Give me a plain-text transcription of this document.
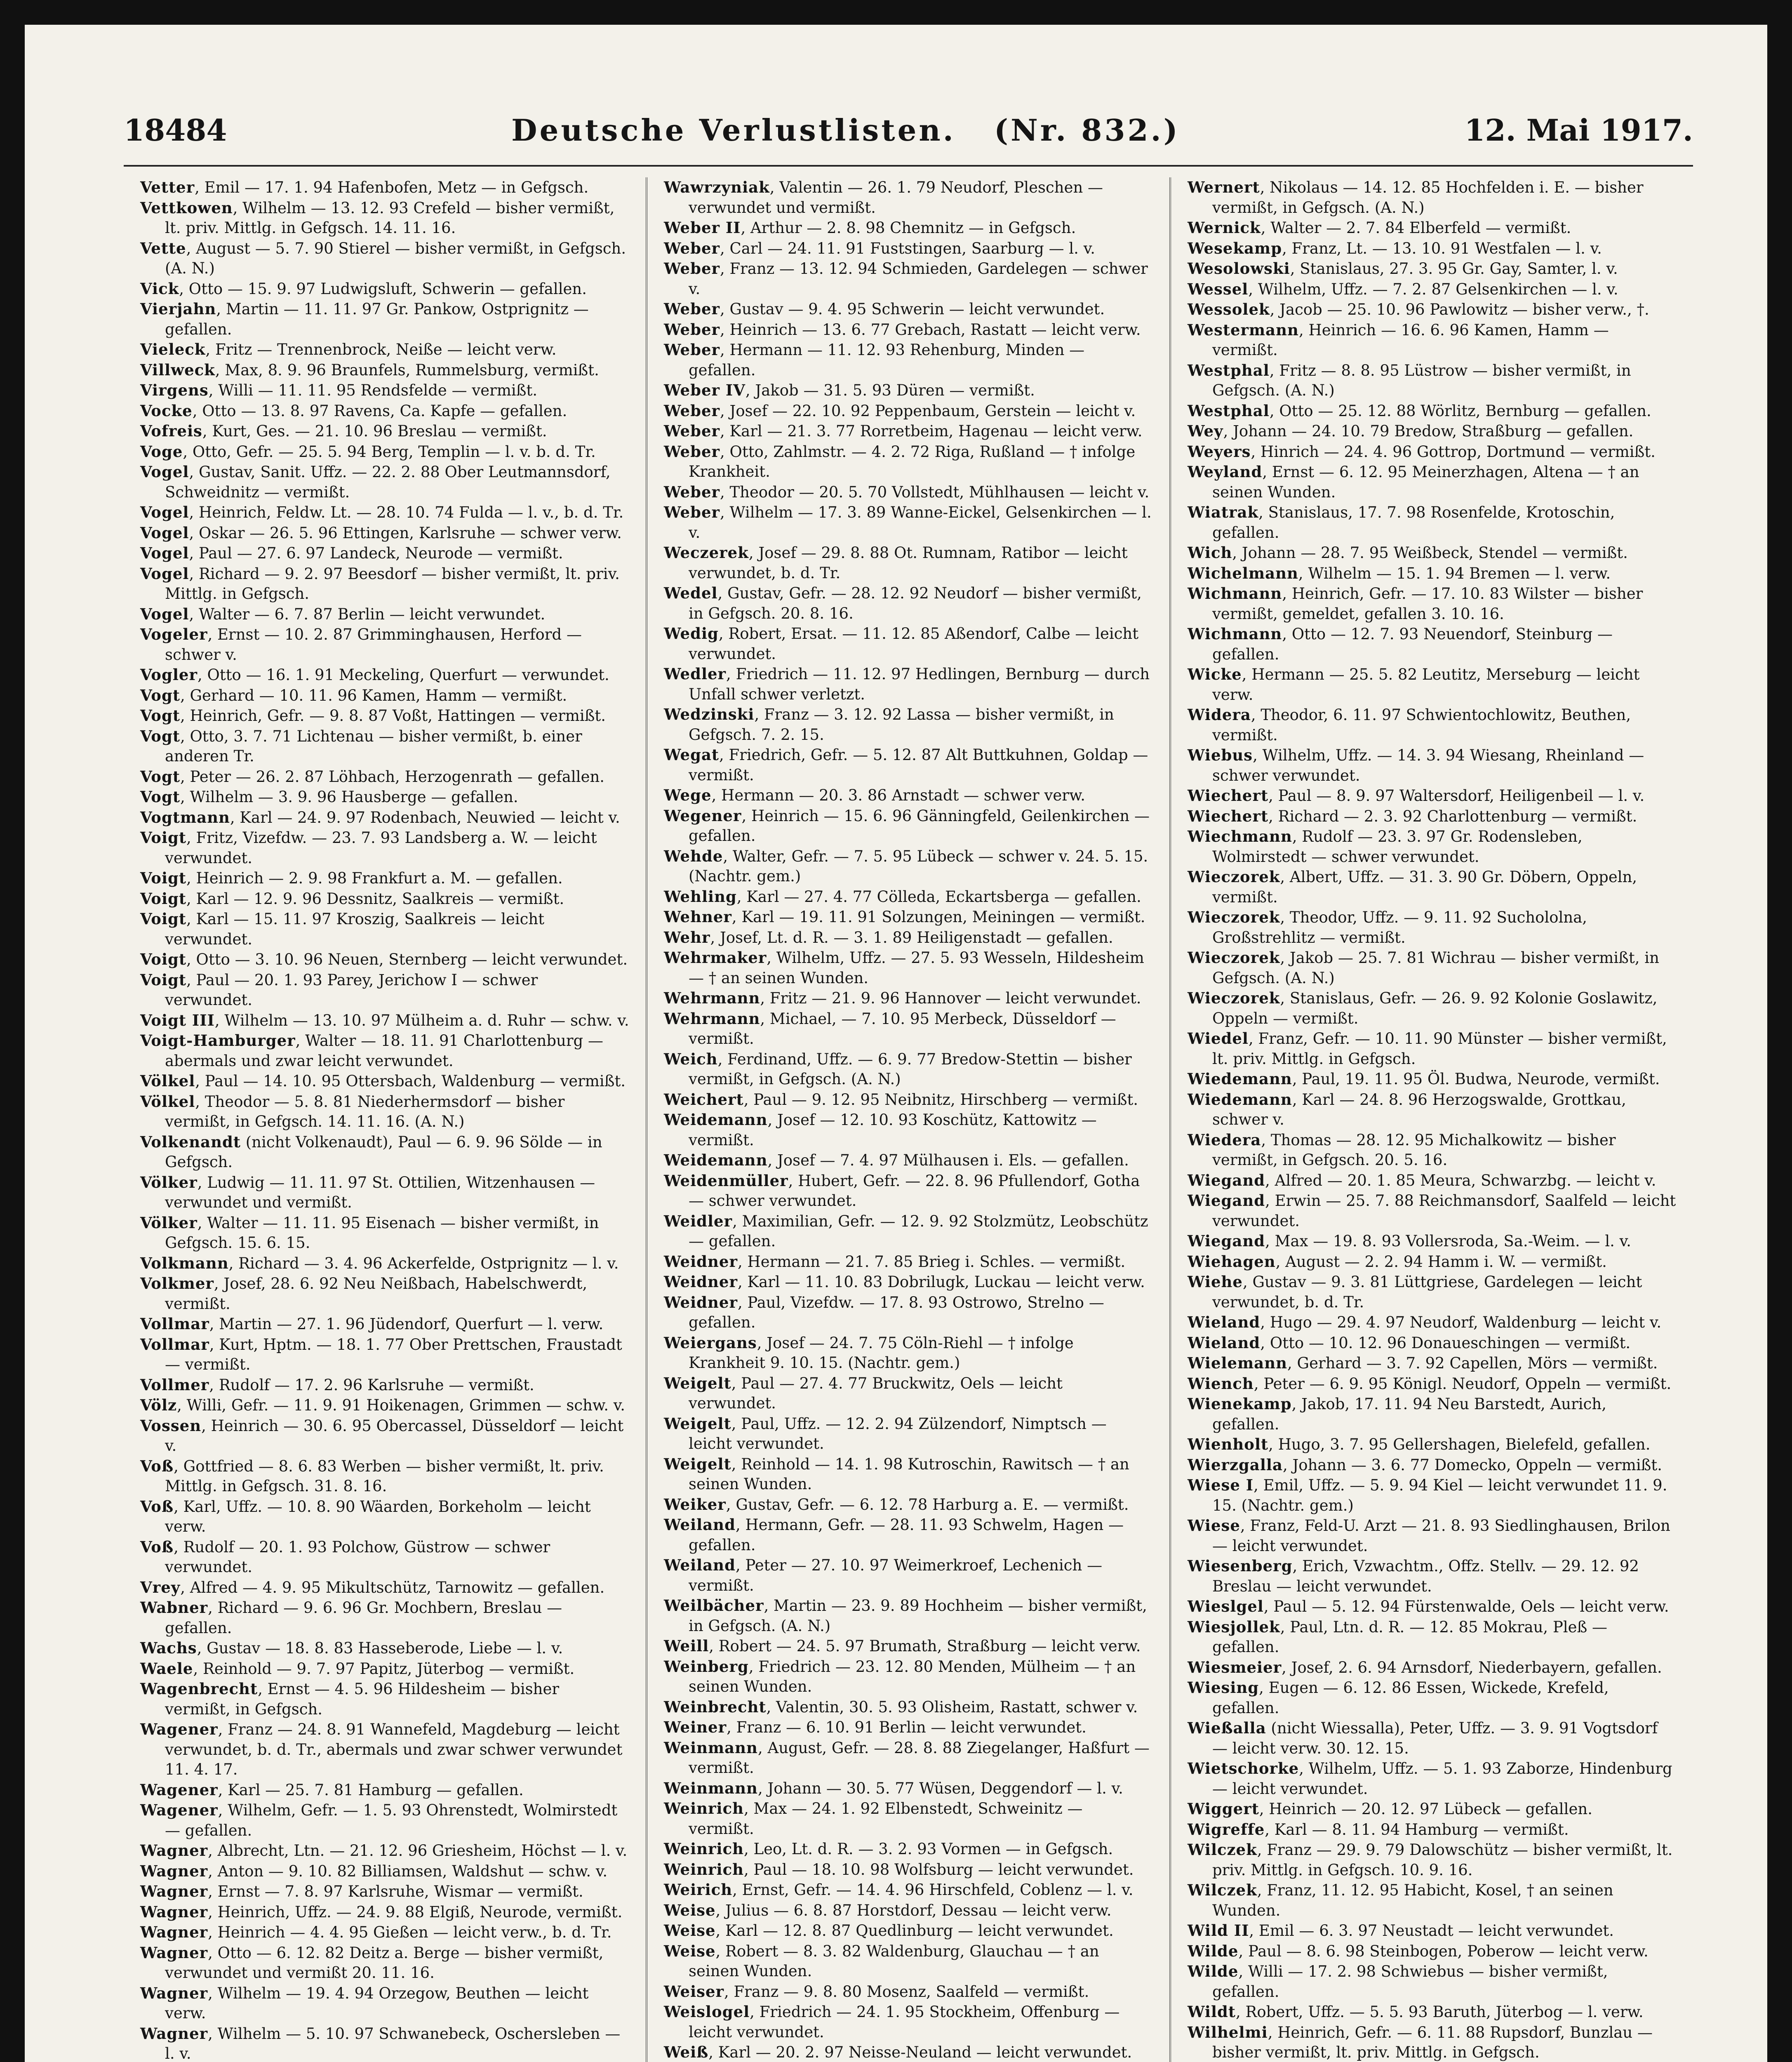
18484	Deutsche Verlustlisten. (Nr. 832.)	12. Mai 1917.
Vetter, Emil — 17. 1. 94 Hafenbofen, Metz — in Gefgsch.
Vettkowen, Wilhelm — 13. 12. 93 Crefeld — bisher vermißt, lt. priv. Mittlg. in Gefgsch. 14. 11. 16.
Vette, August — 5. 7. 90 Stierel — bisher vermißt, in Gefgsch. (A. N.)
Vick, Otto — 15. 9. 97 Ludwigsluft, Schwerin — gefallen.
Vierjahn, Martin — 11. 11. 97 Gr. Pankow, Ostprignitz — gefallen.
Vieleck, Fritz — Trennenbrock, Neiße — leicht verw.
Villweck, Max, 8. 9. 96 Braunfels, Rummelsburg, vermißt.
Virgens, Willi — 11. 11. 95 Rendsfelde — vermißt.
Vocke, Otto — 13. 8. 97 Ravens, Ca. Kapfe — gefallen.
Vofreis, Kurt, Ges. — 21. 10. 96 Breslau — vermißt.
Voge, Otto, Gefr. — 25. 5. 94 Berg, Templin — l. v. b. d. Tr.
Vogel, Gustav, Sanit. Uffz. — 22. 2. 88 Ober Leutmannsdorf, Schweidnitz — vermißt.
Vogel, Heinrich, Feldw. Lt. — 28. 10. 74 Fulda — l. v., b. d. Tr.
Vogel, Oskar — 26. 5. 96 Ettingen, Karlsruhe — schwer verw.
Vogel, Paul — 27. 6. 97 Landeck, Neurode — vermißt.
Vogel, Richard — 9. 2. 97 Beesdorf — bisher vermißt, lt. priv. Mittlg. in Gefgsch.
Vogel, Walter — 6. 7. 87 Berlin — leicht verwundet.
Vogeler, Ernst — 10. 2. 87 Grimminghausen, Herford — schwer v.
Vogler, Otto — 16. 1. 91 Meckeling, Querfurt — verwundet.
Vogt, Gerhard — 10. 11. 96 Kamen, Hamm — vermißt.
Vogt, Heinrich, Gefr. — 9. 8. 87 Voßt, Hattingen — vermißt.
Vogt, Otto, 3. 7. 71 Lichtenau — bisher vermißt, b. einer anderen Tr.
Vogt, Peter — 26. 2. 87 Löhbach, Herzogenrath — gefallen.
Vogt, Wilhelm — 3. 9. 96 Hausberge — gefallen.
Vogtmann, Karl — 24. 9. 97 Rodenbach, Neuwied — leicht v.
Voigt, Fritz, Vizefdw. — 23. 7. 93 Landsberg a. W. — leicht verwundet.
Voigt, Heinrich — 2. 9. 98 Frankfurt a. M. — gefallen.
Voigt, Karl — 12. 9. 96 Dessnitz, Saalkreis — vermißt.
Voigt, Karl — 15. 11. 97 Kroszig, Saalkreis — leicht verwundet.
Voigt, Otto — 3. 10. 96 Neuen, Sternberg — leicht verwundet.
Voigt, Paul — 20. 1. 93 Parey, Jerichow I — schwer verwundet.
Voigt III, Wilhelm — 13. 10. 97 Mülheim a. d. Ruhr — schw. v.
Voigt-Hamburger, Walter — 18. 11. 91 Charlottenburg — abermals und zwar leicht verwundet.
Völkel, Paul — 14. 10. 95 Ottersbach, Waldenburg — vermißt.
Völkel, Theodor — 5. 8. 81 Niederhermsdorf — bisher vermißt, in Gefgsch. 14. 11. 16. (A. N.)
Volkenandt (nicht Volkenaudt), Paul — 6. 9. 96 Sölde — in Gefgsch.
Völker, Ludwig — 11. 11. 97 St. Ottilien, Witzenhausen — verwundet und vermißt.
Völker, Walter — 11. 11. 95 Eisenach — bisher vermißt, in Gefgsch. 15. 6. 15.
Volkmann, Richard — 3. 4. 96 Ackerfelde, Ostprignitz — l. v.
Volkmer, Josef, 28. 6. 92 Neu Neißbach, Habelschwerdt, vermißt.
Vollmar, Martin — 27. 1. 96 Jüdendorf, Querfurt — l. verw.
Vollmar, Kurt, Hptm. — 18. 1. 77 Ober Prettschen, Fraustadt — vermißt.
Vollmer, Rudolf — 17. 2. 96 Karlsruhe — vermißt.
Völz, Willi, Gefr. — 11. 9. 91 Hoikenagen, Grimmen — schw. v.
Vossen, Heinrich — 30. 6. 95 Obercassel, Düsseldorf — leicht v.
Voß, Gottfried — 8. 6. 83 Werben — bisher vermißt, lt. priv. Mittlg. in Gefgsch. 31. 8. 16.
Voß, Karl, Uffz. — 10. 8. 90 Wäarden, Borkeholm — leicht verw.
Voß, Rudolf — 20. 1. 93 Polchow, Güstrow — schwer verwundet.
Vrey, Alfred — 4. 9. 95 Mikultschütz, Tarnowitz — gefallen.
Wabner, Richard — 9. 6. 96 Gr. Mochbern, Breslau — gefallen.
Wachs, Gustav — 18. 8. 83 Hasseberode, Liebe — l. v.
Waele, Reinhold — 9. 7. 97 Papitz, Jüterbog — vermißt.
Wagenbrecht, Ernst — 4. 5. 96 Hildesheim — bisher vermißt, in Gefgsch.
Wagener, Franz — 24. 8. 91 Wannefeld, Magdeburg — leicht verwundet, b. d. Tr., abermals und zwar schwer verwundet 11. 4. 17.
Wagener, Karl — 25. 7. 81 Hamburg — gefallen.
Wagener, Wilhelm, Gefr. — 1. 5. 93 Ohrenstedt, Wolmirstedt — gefallen.
Wagner, Albrecht, Ltn. — 21. 12. 96 Griesheim, Höchst — l. v.
Wagner, Anton — 9. 10. 82 Billiamsen, Waldshut — schw. v.
Wagner, Ernst — 7. 8. 97 Karlsruhe, Wismar — vermißt.
Wagner, Heinrich, Uffz. — 24. 9. 88 Elgiß, Neurode, vermißt.
Wagner, Heinrich — 4. 4. 95 Gießen — leicht verw., b. d. Tr.
Wagner, Otto — 6. 12. 82 Deitz a. Berge — bisher vermißt, verwundet und vermißt 20. 11. 16.
Wagner, Wilhelm — 19. 4. 94 Orzegow, Beuthen — leicht verw.
Wagner, Wilhelm — 5. 10. 97 Schwanebeck, Oschersleben — l. v.
Wawrzyniak, Valentin — 26. 1. 79 Neudorf, Pleschen — verwundet und vermißt.
Weber II, Arthur — 2. 8. 98 Chemnitz — in Gefgsch.
Weber, Carl — 24. 11. 91 Fuststingen, Saarburg — l. v.
Weber, Franz — 13. 12. 94 Schmieden, Gardelegen — schwer v.
Weber, Gustav — 9. 4. 95 Schwerin — leicht verwundet.
Weber, Heinrich — 13. 6. 77 Grebach, Rastatt — leicht verw.
Weber, Hermann — 11. 12. 93 Rehenburg, Minden — gefallen.
Weber IV, Jakob — 31. 5. 93 Düren — vermißt.
Weber, Josef — 22. 10. 92 Peppenbaum, Gerstein — leicht v.
Weber, Karl — 21. 3. 77 Rorretbeim, Hagenau — leicht verw.
Weber, Otto, Zahlmstr. — 4. 2. 72 Riga, Rußland — † infolge Krankheit.
Weber, Theodor — 20. 5. 70 Vollstedt, Mühlhausen — leicht v.
Weber, Wilhelm — 17. 3. 89 Wanne-Eickel, Gelsenkirchen — l. v.
Weczerek, Josef — 29. 8. 88 Ot. Rumnam, Ratibor — leicht verwundet, b. d. Tr.
Wedel, Gustav, Gefr. — 28. 12. 92 Neudorf — bisher vermißt, in Gefgsch. 20. 8. 16.
Wedig, Robert, Ersat. — 11. 12. 85 Aßendorf, Calbe — leicht verwundet.
Wedler, Friedrich — 11. 12. 97 Hedlingen, Bernburg — durch Unfall schwer verletzt.
Wedzinski, Franz — 3. 12. 92 Lassa — bisher vermißt, in Gefgsch. 7. 2. 15.
Wegat, Friedrich, Gefr. — 5. 12. 87 Alt Buttkuhnen, Goldap — vermißt.
Wege, Hermann — 20. 3. 86 Arnstadt — schwer verw.
Wegener, Heinrich — 15. 6. 96 Gänningfeld, Geilenkirchen — gefallen.
Wehde, Walter, Gefr. — 7. 5. 95 Lübeck — schwer v. 24. 5. 15. (Nachtr. gem.)
Wehling, Karl — 27. 4. 77 Cölleda, Eckartsberga — gefallen.
Wehner, Karl — 19. 11. 91 Solzungen, Meiningen — vermißt.
Wehr, Josef, Lt. d. R. — 3. 1. 89 Heiligenstadt — gefallen.
Wehrmaker, Wilhelm, Uffz. — 27. 5. 93 Wesseln, Hildesheim — † an seinen Wunden.
Wehrmann, Fritz — 21. 9. 96 Hannover — leicht verwundet.
Wehrmann, Michael, — 7. 10. 95 Merbeck, Düsseldorf — vermißt.
Weich, Ferdinand, Uffz. — 6. 9. 77 Bredow-Stettin — bisher vermißt, in Gefgsch. (A. N.)
Weichert, Paul — 9. 12. 95 Neibnitz, Hirschberg — vermißt.
Weidemann, Josef — 12. 10. 93 Koschütz, Kattowitz — vermißt.
Weidemann, Josef — 7. 4. 97 Mülhausen i. Els. — gefallen.
Weidenmüller, Hubert, Gefr. — 22. 8. 96 Pfullendorf, Gotha — schwer verwundet.
Weidler, Maximilian, Gefr. — 12. 9. 92 Stolzmütz, Leobschütz — gefallen.
Weidner, Hermann — 21. 7. 85 Brieg i. Schles. — vermißt.
Weidner, Karl — 11. 10. 83 Dobrilugk, Luckau — leicht verw.
Weidner, Paul, Vizefdw. — 17. 8. 93 Ostrowo, Strelno — gefallen.
Weiergans, Josef — 24. 7. 75 Cöln-Riehl — † infolge Krankheit 9. 10. 15. (Nachtr. gem.)
Weigelt, Paul — 27. 4. 77 Bruckwitz, Oels — leicht verwundet.
Weigelt, Paul, Uffz. — 12. 2. 94 Zülzendorf, Nimptsch — leicht verwundet.
Weigelt, Reinhold — 14. 1. 98 Kutroschin, Rawitsch — † an seinen Wunden.
Weiker, Gustav, Gefr. — 6. 12. 78 Harburg a. E. — vermißt.
Weiland, Hermann, Gefr. — 28. 11. 93 Schwelm, Hagen — gefallen.
Weiland, Peter — 27. 10. 97 Weimerkroef, Lechenich — vermißt.
Weilbächer, Martin — 23. 9. 89 Hochheim — bisher vermißt, in Gefgsch. (A. N.)
Weill, Robert — 24. 5. 97 Brumath, Straßburg — leicht verw.
Weinberg, Friedrich — 23. 12. 80 Menden, Mülheim — † an seinen Wunden.
Weinbrecht, Valentin, 30. 5. 93 Olisheim, Rastatt, schwer v.
Weiner, Franz — 6. 10. 91 Berlin — leicht verwundet.
Weinmann, August, Gefr. — 28. 8. 88 Ziegelanger, Haßfurt — vermißt.
Weinmann, Johann — 30. 5. 77 Wüsen, Deggendorf — l. v.
Weinrich, Max — 24. 1. 92 Elbenstedt, Schweinitz — vermißt.
Weinrich, Leo, Lt. d. R. — 3. 2. 93 Vormen — in Gefgsch.
Weinrich, Paul — 18. 10. 98 Wolfsburg — leicht verwundet.
Weirich, Ernst, Gefr. — 14. 4. 96 Hirschfeld, Coblenz — l. v.
Weise, Julius — 6. 8. 87 Horstdorf, Dessau — leicht verw.
Weise, Karl — 12. 8. 87 Quedlinburg — leicht verwundet.
Weise, Robert — 8. 3. 82 Waldenburg, Glauchau — † an seinen Wunden.
Weiser, Franz — 9. 8. 80 Mosenz, Saalfeld — vermißt.
Weislogel, Friedrich — 24. 1. 95 Stockheim, Offenburg — leicht verwundet.
Weiß, Karl — 20. 2. 97 Neisse-Neuland — leicht verwundet.
Wernert, Nikolaus — 14. 12. 85 Hochfelden i. E. — bisher vermißt, in Gefgsch. (A. N.)
Wernick, Walter — 2. 7. 84 Elberfeld — vermißt.
Wesekamp, Franz, Lt. — 13. 10. 91 Westfalen — l. v.
Wesolowski, Stanislaus, 27. 3. 95 Gr. Gay, Samter, l. v.
Wessel, Wilhelm, Uffz. — 7. 2. 87 Gelsenkirchen — l. v.
Wessolek, Jacob — 25. 10. 96 Pawlowitz — bisher verw., †.
Westermann, Heinrich — 16. 6. 96 Kamen, Hamm — vermißt.
Westphal, Fritz — 8. 8. 95 Lüstrow — bisher vermißt, in Gefgsch. (A. N.)
Westphal, Otto — 25. 12. 88 Wörlitz, Bernburg — gefallen.
Wey, Johann — 24. 10. 79 Bredow, Straßburg — gefallen.
Weyers, Hinrich — 24. 4. 96 Gottrop, Dortmund — vermißt.
Weyland, Ernst — 6. 12. 95 Meinerzhagen, Altena — † an seinen Wunden.
Wiatrak, Stanislaus, 17. 7. 98 Rosenfelde, Krotoschin, gefallen.
Wich, Johann — 28. 7. 95 Weißbeck, Stendel — vermißt.
Wichelmann, Wilhelm — 15. 1. 94 Bremen — l. verw.
Wichmann, Heinrich, Gefr. — 17. 10. 83 Wilster — bisher vermißt, gemeldet, gefallen 3. 10. 16.
Wichmann, Otto — 12. 7. 93 Neuendorf, Steinburg — gefallen.
Wicke, Hermann — 25. 5. 82 Leutitz, Merseburg — leicht verw.
Widera, Theodor, 6. 11. 97 Schwientochlowitz, Beuthen, vermißt.
Wiebus, Wilhelm, Uffz. — 14. 3. 94 Wiesang, Rheinland — schwer verwundet.
Wiechert, Paul — 8. 9. 97 Waltersdorf, Heiligenbeil — l. v.
Wiechert, Richard — 2. 3. 92 Charlottenburg — vermißt.
Wiechmann, Rudolf — 23. 3. 97 Gr. Rodensleben, Wolmirstedt — schwer verwundet.
Wieczorek, Albert, Uffz. — 31. 3. 90 Gr. Döbern, Oppeln, vermißt.
Wieczorek, Theodor, Uffz. — 9. 11. 92 Suchololna, Großstrehlitz — vermißt.
Wieczorek, Jakob — 25. 7. 81 Wichrau — bisher vermißt, in Gefgsch. (A. N.)
Wieczorek, Stanislaus, Gefr. — 26. 9. 92 Kolonie Goslawitz, Oppeln — vermißt.
Wiedel, Franz, Gefr. — 10. 11. 90 Münster — bisher vermißt, lt. priv. Mittlg. in Gefgsch.
Wiedemann, Paul, 19. 11. 95 Öl. Budwa, Neurode, vermißt.
Wiedemann, Karl — 24. 8. 96 Herzogswalde, Grottkau, schwer v.
Wiedera, Thomas — 28. 12. 95 Michalkowitz — bisher vermißt, in Gefgsch. 20. 5. 16.
Wiegand, Alfred — 20. 1. 85 Meura, Schwarzbg. — leicht v.
Wiegand, Erwin — 25. 7. 88 Reichmansdorf, Saalfeld — leicht verwundet.
Wiegand, Max — 19. 8. 93 Vollersroda, Sa.-Weim. — l. v.
Wiehagen, August — 2. 2. 94 Hamm i. W. — vermißt.
Wiehe, Gustav — 9. 3. 81 Lüttgriese, Gardelegen — leicht verwundet, b. d. Tr.
Wieland, Hugo — 29. 4. 97 Neudorf, Waldenburg — leicht v.
Wieland, Otto — 10. 12. 96 Donaueschingen — vermißt.
Wielemann, Gerhard — 3. 7. 92 Capellen, Mörs — vermißt.
Wiench, Peter — 6. 9. 95 Königl. Neudorf, Oppeln — vermißt.
Wienekamp, Jakob, 17. 11. 94 Neu Barstedt, Aurich, gefallen.
Wienholt, Hugo, 3. 7. 95 Gellershagen, Bielefeld, gefallen.
Wierzgalla, Johann — 3. 6. 77 Domecko, Oppeln — vermißt.
Wiese I, Emil, Uffz. — 5. 9. 94 Kiel — leicht verwundet 11. 9. 15. (Nachtr. gem.)
Wiese, Franz, Feld-U. Arzt — 21. 8. 93 Siedlinghausen, Brilon — leicht verwundet.
Wiesenberg, Erich, Vzwachtm., Offz. Stellv. — 29. 12. 92 Breslau — leicht verwundet.
Wieslgel, Paul — 5. 12. 94 Fürstenwalde, Oels — leicht verw.
Wiesjollek, Paul, Ltn. d. R. — 12. 85 Mokrau, Pleß — gefallen.
Wiesmeier, Josef, 2. 6. 94 Arnsdorf, Niederbayern, gefallen.
Wiesing, Eugen — 6. 12. 86 Essen, Wickede, Krefeld, gefallen.
Wießalla (nicht Wiessalla), Peter, Uffz. — 3. 9. 91 Vogtsdorf — leicht verw. 30. 12. 15.
Wietschorke, Wilhelm, Uffz. — 5. 1. 93 Zaborze, Hindenburg — leicht verwundet.
Wiggert, Heinrich — 20. 12. 97 Lübeck — gefallen.
Wigreffe, Karl — 8. 11. 94 Hamburg — vermißt.
Wilczek, Franz — 29. 9. 79 Dalowschütz — bisher vermißt, lt. priv. Mittlg. in Gefgsch. 10. 9. 16.
Wilczek, Franz, 11. 12. 95 Habicht, Kosel, † an seinen Wunden.
Wild II, Emil — 6. 3. 97 Neustadt — leicht verwundet.
Wilde, Paul — 8. 6. 98 Steinbogen, Poberow — leicht verw.
Wilde, Willi — 17. 2. 98 Schwiebus — bisher vermißt, gefallen.
Wildt, Robert, Uffz. — 5. 5. 93 Baruth, Jüterbog — l. verw.
Wilhelmi, Heinrich, Gefr. — 6. 11. 88 Rupsdorf, Bunzlau — bisher vermißt, lt. priv. Mittlg. in Gefgsch.
